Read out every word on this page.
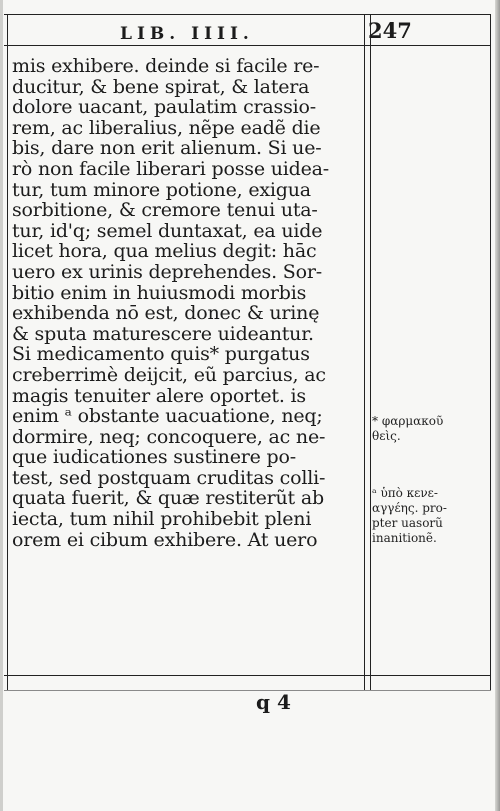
LIB. IIII.	247
mis exhibere. deinde si facile re-
ducitur, & bene spirat, & latera
dolore uacant, paulatim crassio-
rem, ac liberalius, nẽpe eadẽ die
bis, dare non erit alienum. Si ue-
rò non facile liberari posse uidea-
tur, tum minore potione, exigua
sorbitione, & cremore tenui uta-
tur, id'q; semel duntaxat, ea uide
licet hora, qua melius degit: hāc
uero ex urinis deprehendes. Sor-
bitio enim in huiusmodi morbis
exhibenda nō est, donec & urinę
& sputa maturescere uideantur.
Si medicamento quis* purgatus
creberrimè deijcit, eũ parcius, ac
magis tenuiter alere oportet. is
enim ᵃ obstante uacuatione, neq;
dormire, neq; concoquere, ac ne-
que iudicationes sustinere po-
test, sed postquam cruditas colli-
quata fuerit, & quæ restiterũt ab
iecta, tum nihil prohibebit pleni
orem ei cibum exhibere. At uero
* φαρμακοῦ
θεὶς.
ᵃ ὑπὸ κενε-
αγγέης. pro-
pter uasorũ
inanitionẽ.
q 4
